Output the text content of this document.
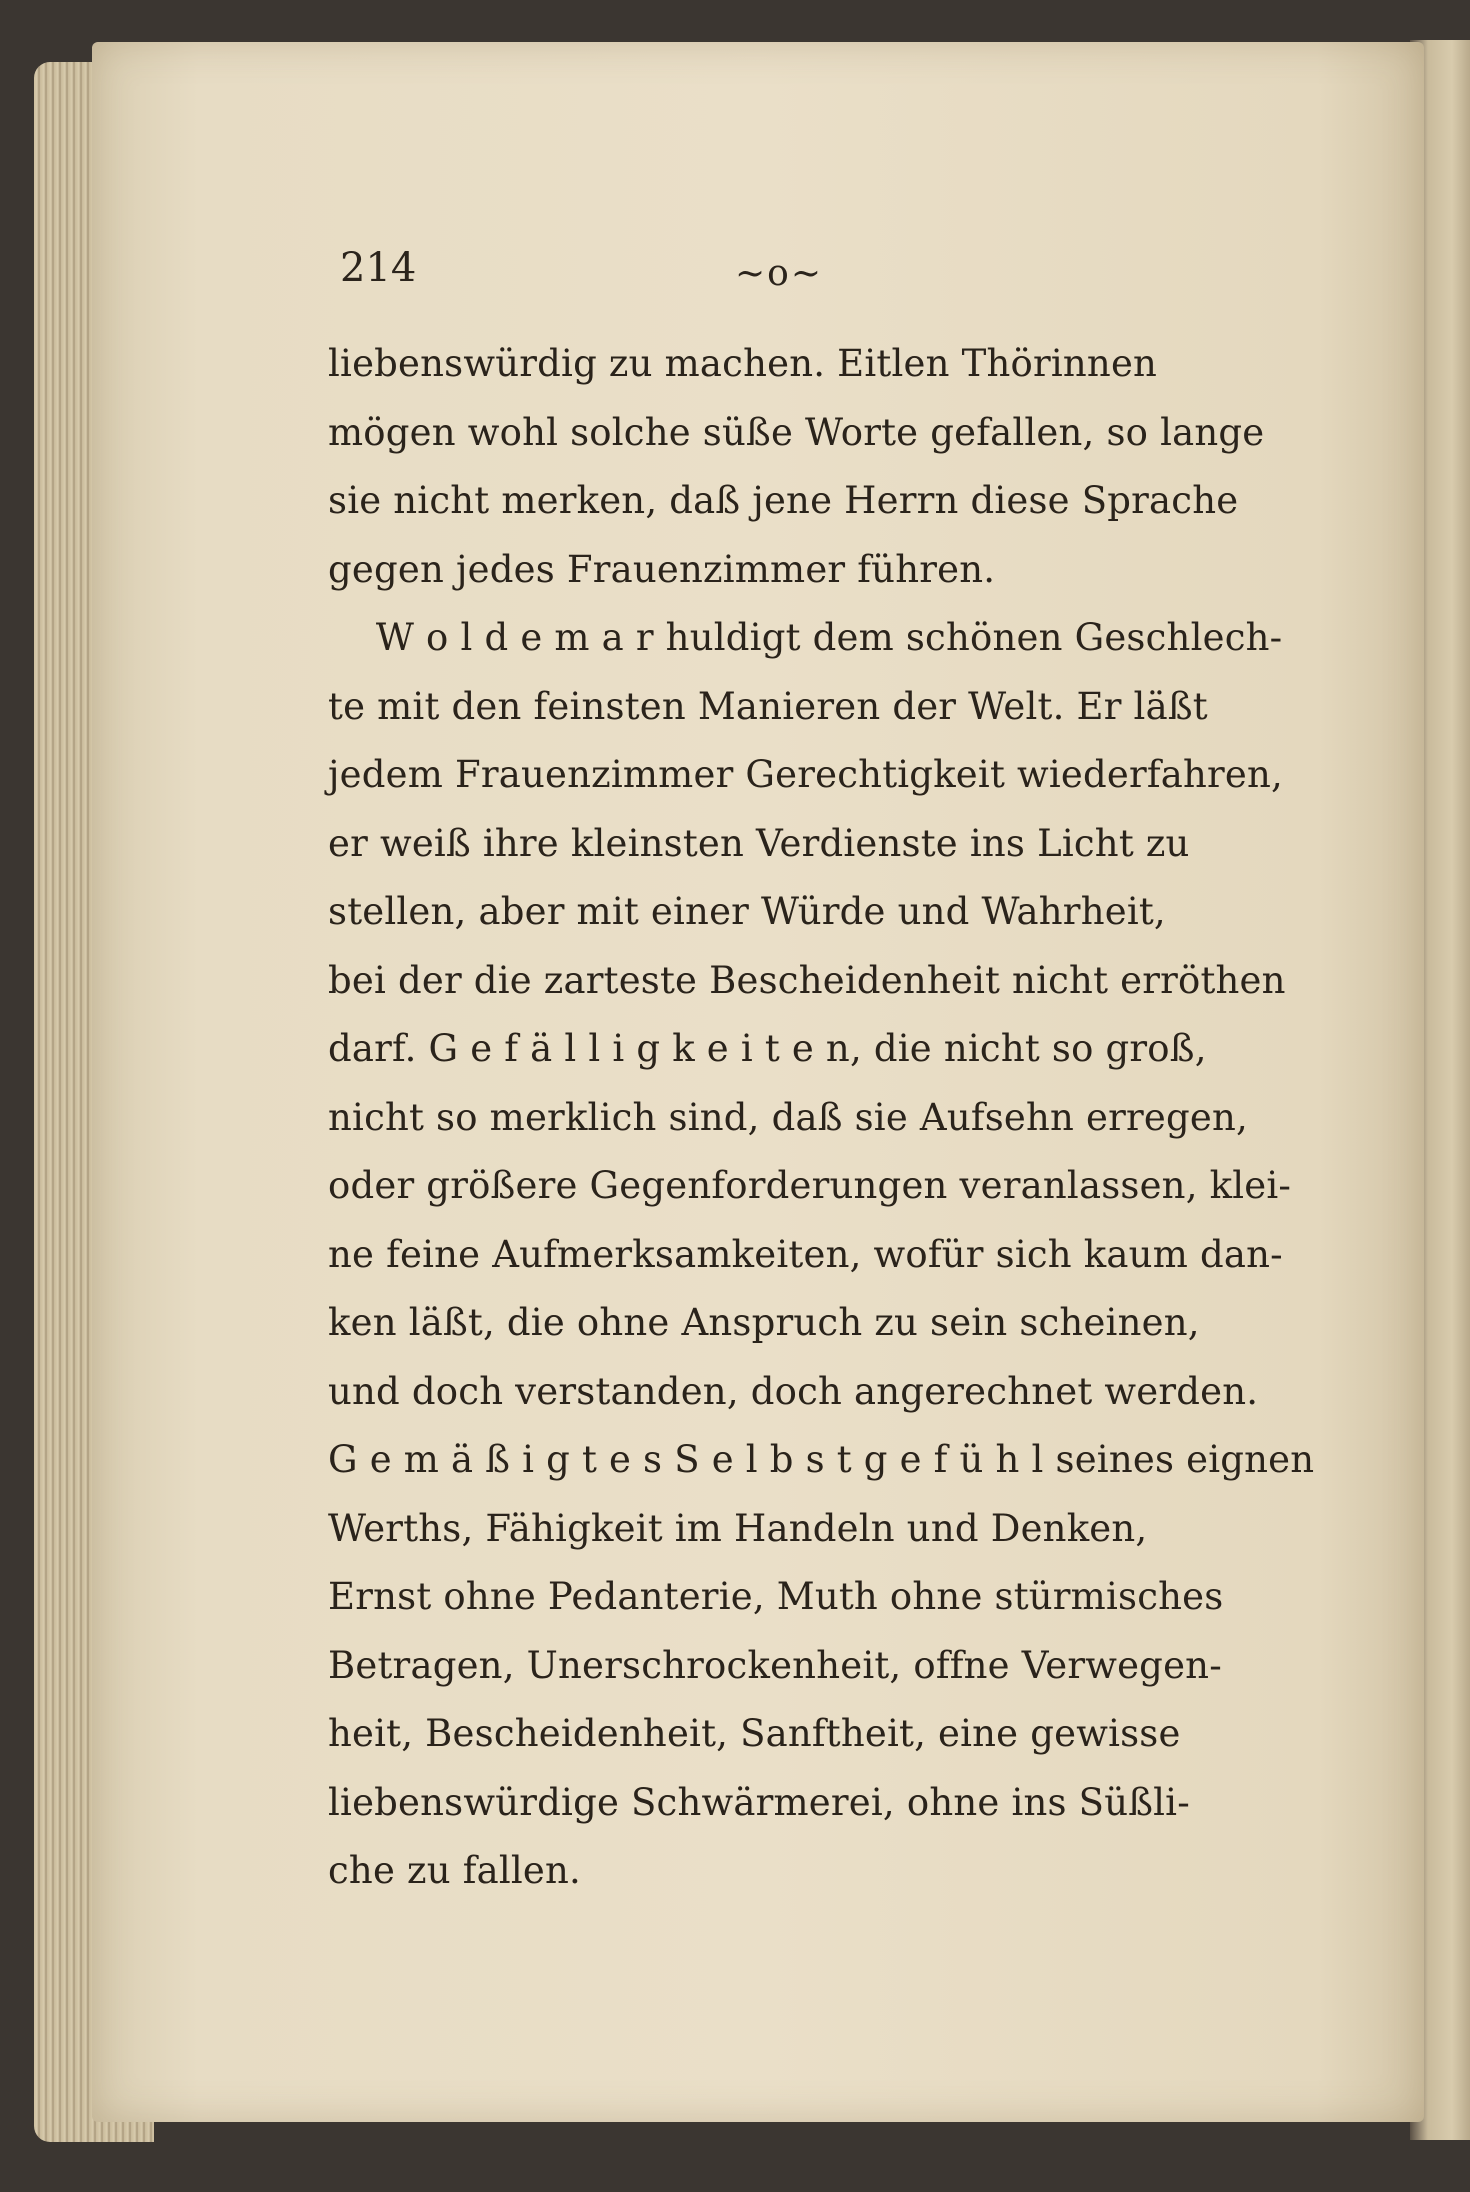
214	~o~
liebenswürdig zu machen. Eitlen Thörinnen
mögen wohl solche süße Worte gefallen, so lange
sie nicht merken, daß jene Herrn diese Sprache
gegen jedes Frauenzimmer führen.
W o l d e m a r huldigt dem schönen Geschlech-
te mit den feinsten Manieren der Welt. Er läßt
jedem Frauenzimmer Gerechtigkeit wiederfahren,
er weiß ihre kleinsten Verdienste ins Licht zu
stellen, aber mit einer Würde und Wahrheit,
bei der die zarteste Bescheidenheit nicht erröthen
darf. G e f ä l l i g k e i t e n, die nicht so groß,
nicht so merklich sind, daß sie Aufsehn erregen,
oder größere Gegenforderungen veranlassen, klei-
ne feine Aufmerksamkeiten, wofür sich kaum dan-
ken läßt, die ohne Anspruch zu sein scheinen,
und doch verstanden, doch angerechnet werden.
G e m ä ß i g t e s S e l b s t g e f ü h l seines eignen
Werths, Fähigkeit im Handeln und Denken,
Ernst ohne Pedanterie, Muth ohne stürmisches
Betragen, Unerschrockenheit, offne Verwegen-
heit, Bescheidenheit, Sanftheit, eine gewisse
liebenswürdige Schwärmerei, ohne ins Süßli-
che zu fallen.
